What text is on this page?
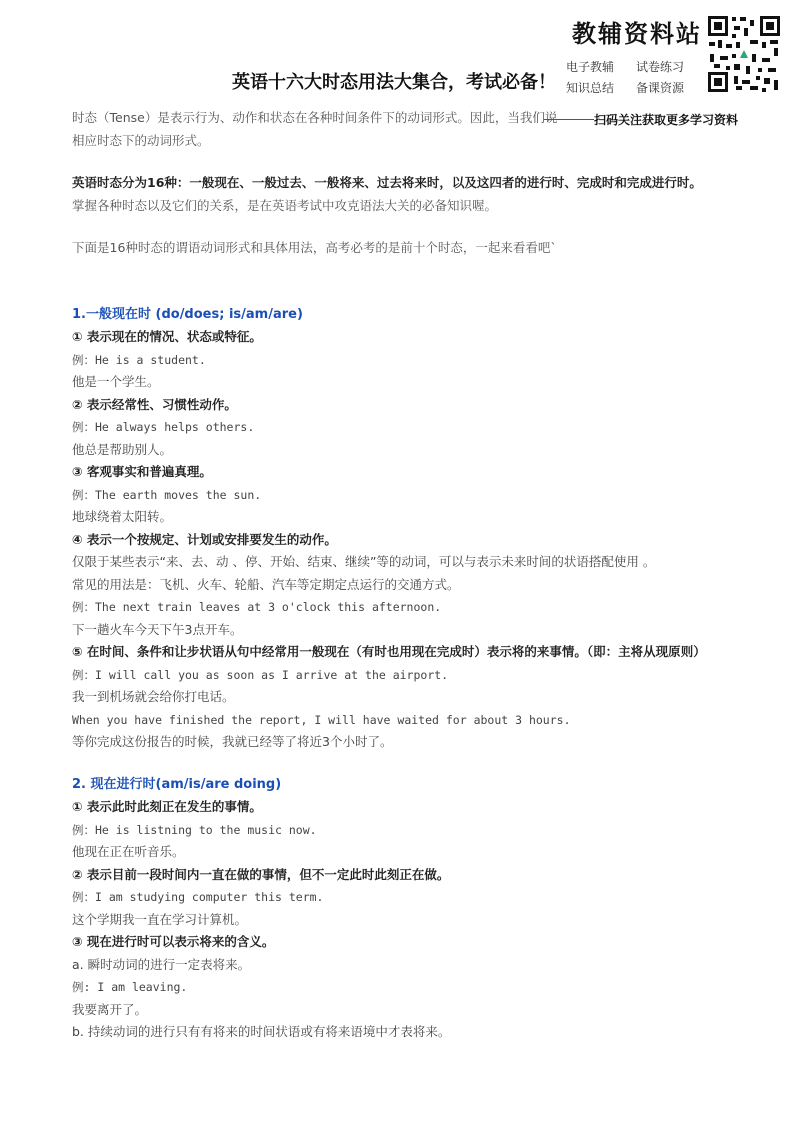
教辅资料站
电子教辅	试卷练习
知识总结	备课资源
英语十六大时态用法大集合，考试必备！

时态（Tense）是表示行为、动作和状态在各种时间条件下的动词形式。因此，当我们说

相应时态下的动词形式。

英语时态分为16种：一般现在、一般过去、一般将来、过去将来时，以及这四者的进行时、完成时和完成进行时。

掌握各种时态以及它们的关系，是在英语考试中攻克语法大关的必备知识喔。

下面是16种时态的谓语动词形式和具体用法，高考必考的是前十个时态，一起来看看吧`

1.一般现在时 (do/does; is/am/are)

① 表示现在的情况、状态或特征。

例：He is a student.

他是一个学生。

② 表示经常性、习惯性动作。

例：He always helps others.

他总是帮助别人。

③ 客观事实和普遍真理。

例：The earth moves the sun.

地球绕着太阳转。

④ 表示一个按规定、计划或安排要发生的动作。

仅限于某些表示“来、去、动 、停、开始、结束、继续”等的动词，可以与表示未来时间的状语搭配使用 。

常见的用法是：飞机、火车、轮船、汽车等定期定点运行的交通方式。

例：The next train leaves at 3 o'clock this afternoon.

下一趟火车今天下午3点开车。

⑤ 在时间、条件和让步状语从句中经常用一般现在（有时也用现在完成时）表示将的来事情。（即：主将从现原则）

例：I will call you as soon as I arrive at the airport.

我一到机场就会给你打电话。

When you have finished the report, I will have waited for about 3 hours.

等你完成这份报告的时候，我就已经等了将近3个小时了。

2. 现在进行时(am/is/are doing)

① 表示此时此刻正在发生的事情。

例：He is listning to the music now.

他现在正在听音乐。

② 表示目前一段时间内一直在做的事情，但不一定此时此刻正在做。

例：I am studying computer this term.

这个学期我一直在学习计算机。

③ 现在进行时可以表示将来的含义。

a. 瞬时动词的进行一定表将来。

例: I am leaving.

我要离开了。

b. 持续动词的进行只有有将来的时间状语或有将来语境中才表将来。

扫码关注获取更多学习资料
